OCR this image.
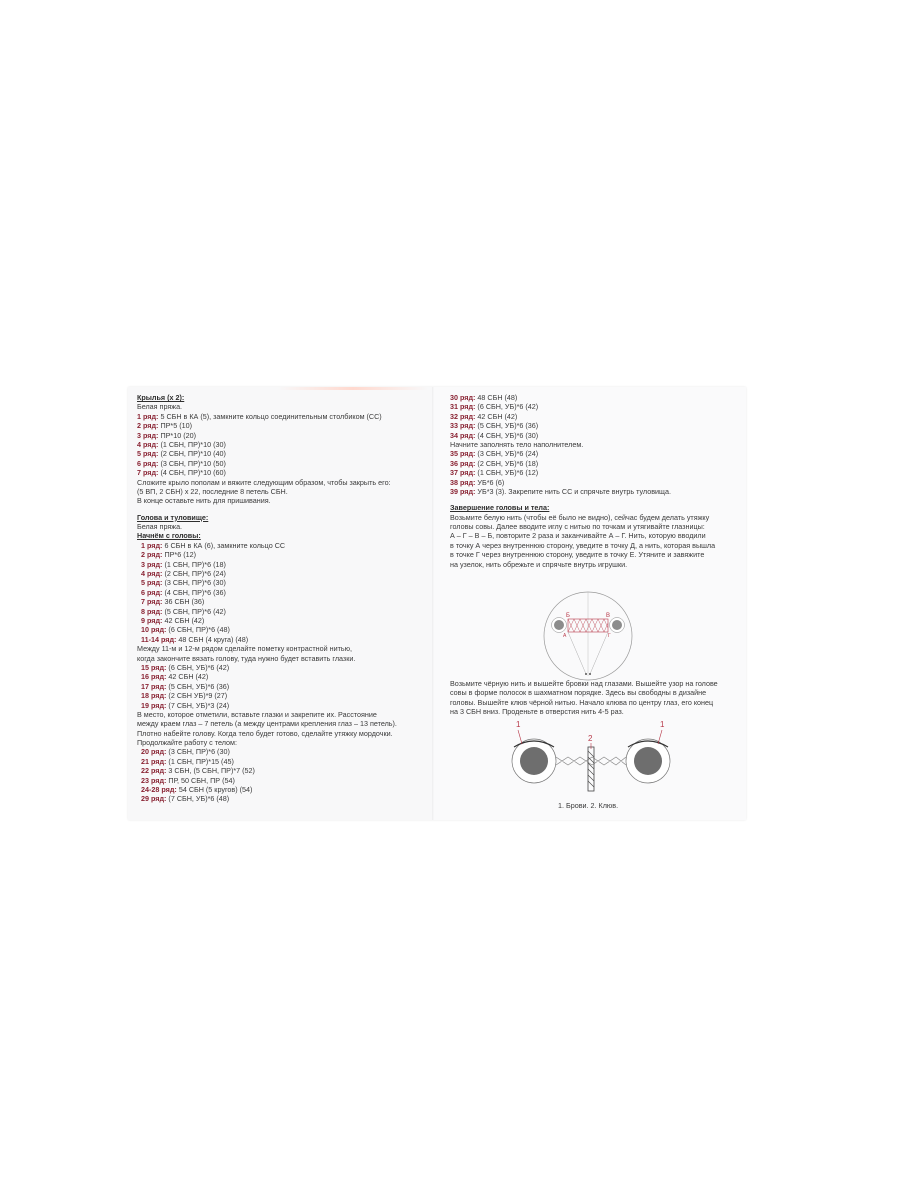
Крылья (х 2):
Белая пряжа.
1 ряд: 5 СБН в КА (5), замкните кольцо соединительным столбиком (СС)
2 ряд: ПР*5 (10)
3 ряд: ПР*10 (20)
4 ряд: (1 СБН, ПР)*10 (30)
5 ряд: (2 СБН, ПР)*10 (40)
6 ряд: (3 СБН, ПР)*10 (50)
7 ряд: (4 СБН, ПР)*10 (60)
Сложите крыло пополам и вяжите следующим образом, чтобы закрыть его:
(5 ВП, 2 СБН) х 22, последние 8 петель СБН.
В конце оставьте нить для пришивания.
Голова и туловище:
Белая пряжа.
Начнём с головы:
1 ряд: 6 СБН в КА (6), замкните кольцо СС
2 ряд: ПР*6 (12)
3 ряд: (1 СБН, ПР)*6 (18)
4 ряд: (2 СБН, ПР)*6 (24)
5 ряд: (3 СБН, ПР)*6 (30)
6 ряд: (4 СБН, ПР)*6 (36)
7 ряд: 36 СБН (36)
8 ряд: (5 СБН, ПР)*6 (42)
9 ряд: 42 СБН (42)
10 ряд: (6 СБН, ПР)*6 (48)
11-14 ряд: 48 СБН (4 круга) (48)
Между 11-м и 12-м рядом сделайте пометку контрастной нитью,
когда закончите вязать голову, туда нужно будет вставить глазки.
15 ряд: (6 СБН, УБ)*6 (42)
16 ряд: 42 СБН (42)
17 ряд: (5 СБН, УБ)*6 (36)
18 ряд: (2 СБН УБ)*9 (27)
19 ряд: (7 СБН, УБ)*3 (24)
В место, которое отметили, вставьте глазки и закрепите их. Расстояние
между краем глаз – 7 петель (а между центрами крепления глаз – 13 петель).
Плотно набейте голову. Когда тело будет готово, сделайте утяжку мордочки.
Продолжайте работу с телом:
20 ряд: (3 СБН, ПР)*6 (30)
21 ряд: (1 СБН, ПР)*15 (45)
22 ряд: 3 СБН, (5 СБН, ПР)*7 (52)
23 ряд: ПР, 50 СБН, ПР (54)
24-28 ряд: 54 СБН (5 кругов) (54)
29 ряд: (7 СБН, УБ)*6 (48)
30 ряд: 48 СБН (48)
31 ряд: (6 СБН, УБ)*6 (42)
32 ряд: 42 СБН (42)
33 ряд: (5 СБН, УБ)*6 (36)
34 ряд: (4 СБН, УБ)*6 (30)
Начните заполнять тело наполнителем.
35 ряд: (3 СБН, УБ)*6 (24)
36 ряд: (2 СБН, УБ)*6 (18)
37 ряд: (1 СБН, УБ)*6 (12)
38 ряд: УБ*6 (6)
39 ряд: УБ*3 (3). Закрепите нить СС и спрячьте внутрь туловища.
Завершение головы и тела:
Возьмите белую нить (чтобы её было не видно), сейчас будем делать утяжку
головы совы. Далее вводите иглу с нитью по точкам и утягивайте глазницы:
А – Г – В – Б, повторите 2 раза и заканчивайте А – Г. Нить, которую вводили
в точку А через внутреннюю сторону, уведите в точку Д, а нить, которая вышла
в точке Г через внутреннюю сторону, уведите в точку Е. Утяните и завяжите
на узелок, нить обрежьте и спрячьте внутрь игрушки.
Б	В
А	Г
Возьмите чёрную нить и вышейте бровки над глазами. Вышейте узор на голове
совы в форме полосок в шахматном порядке. Здесь вы свободны в дизайне
головы. Вышейте клюв чёрной нитью. Начало клюва по центру глаз, его конец
на 3 СБН вниз. Проденьте в отверстия нить 4-5 раз.
1
2
1
1. Брови. 2. Клюв.
